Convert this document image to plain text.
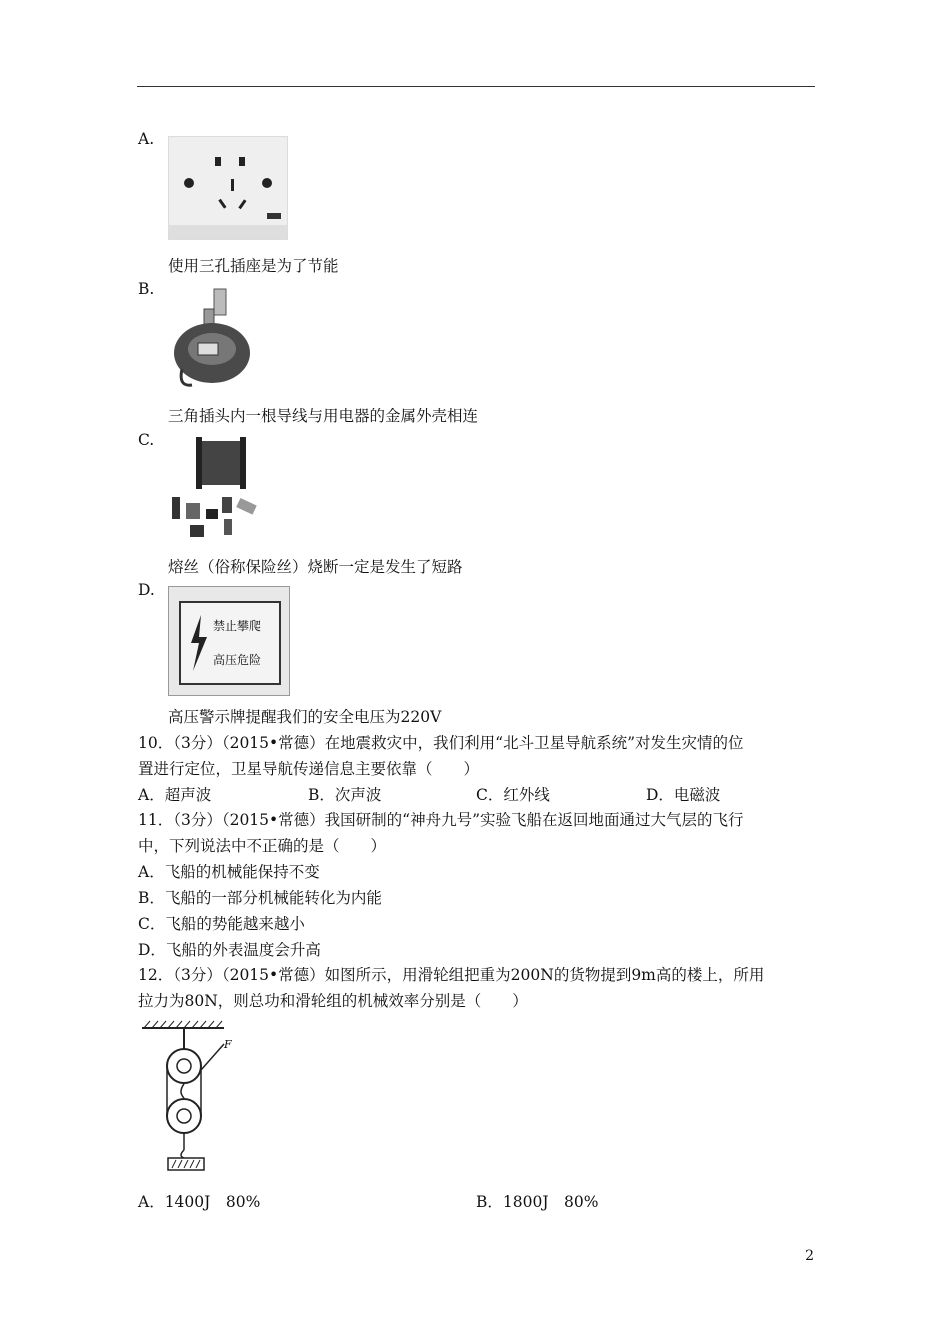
A.
使用三孔插座是为了节能
B.
三角插头内一根导线与用电器的金属外壳相连
C.
熔丝（俗称保险丝）烧断一定是发生了短路
D.
禁止攀爬
高压危险
高压警示牌提醒我们的安全电压为220V
10．（3分）（2015•常德）在地震救灾中，我们利用“北斗卫星导航系统”对发生灾情的位
置进行定位，卫星导航传递信息主要依靠（　　）
A．超声波	B．次声波	C．红外线	D．电磁波
11．（3分）（2015•常德）我国研制的“神舟九号”实验飞船在返回地面通过大气层的飞行
中，下列说法中不正确的是（　　）
A．飞船的机械能保持不变
B．飞船的一部分机械能转化为内能
C．飞船的势能越来越小
D．飞船的外表温度会升高
12．（3分）（2015•常德）如图所示，用滑轮组把重为200N的货物提到9m高的楼上，所用
拉力为80N，则总功和滑轮组的机械效率分别是（　　）
F
A．1400J　80%	B．1800J　80%
2
